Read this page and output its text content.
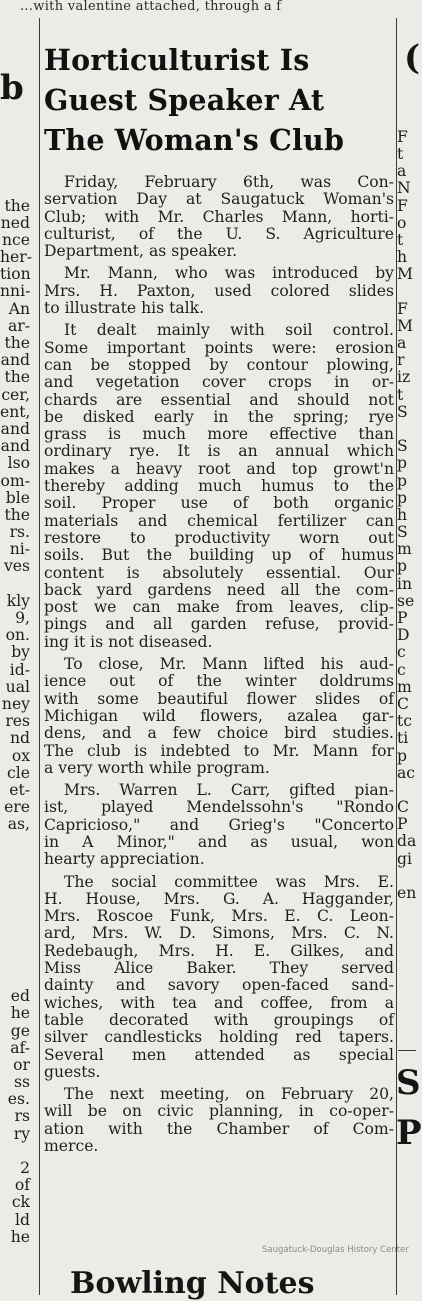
...with valentine attached, through a f
b
the
ned
nce
her-
tion
nni-
An
ar-
the
and
the
cer,
ent,
and
and
lso
om-
ble
the
rs.
ni-
ves
kly
9,
on.
by
id-
ual
ney
res
nd
ox
cle
et-
ere
as,
ed
he
ge
af-
or
ss
es.
rs
ry
2
of
ck
ld
he
(
S
P
F
t
a
N
F
o
t
h
M
F
M
a
r
iz
t
S
S
p
p
p
h
S
m
p
in
se
P
D
c
c
m
C
tc
ti
p
ac
C
P
da
gi
en
Horticulturist Is
Guest Speaker At
The Woman's Club

Friday, February 6th, was Con-
servation Day at Saugatuck Woman's
Club; with Mr. Charles Mann, horti-
culturist, of the U. S. Agriculture
Department, as speaker.

Mr. Mann, who was introduced by
Mrs. H. Paxton, used colored slides
to illustrate his talk.

It dealt mainly with soil control.
Some important points were: erosion
can be stopped by contour plowing,
and vegetation cover crops in or-
chards are essential and should not
be disked early in the spring; rye
grass is much more effective than
ordinary rye. It is an annual which
makes a heavy root and top growt'n
thereby adding much humus to the
soil. Proper use of both organic
materials and chemical fertilizer can
restore to productivity worn out
soils. But the building up of humus
content is absolutely essential. Our
back yard gardens need all the com-
post we can make from leaves, clip-
pings and all garden refuse, provid-
ing it is not diseased.

To close, Mr. Mann lifted his aud-
ience out of the winter doldrums
with some beautiful flower slides of
Michigan wild flowers, azalea gar-
dens, and a few choice bird studies.
The club is indebted to Mr. Mann for
a very worth while program.

Mrs. Warren L. Carr, gifted pian-
ist, played Mendelssohn's "Rondo
Capricioso," and Grieg's "Concerto
in A Minor," and as usual, won
hearty appreciation.

The social committee was Mrs. E.
H. House, Mrs. G. A. Haggander,
Mrs. Roscoe Funk, Mrs. E. C. Leon-
ard, Mrs. W. D. Simons, Mrs. C. N.
Redebaugh, Mrs. H. E. Gilkes, and
Miss Alice Baker. They served
dainty and savory open-faced sand-
wiches, with tea and coffee, from a
table decorated with groupings of
silver candlesticks holding red tapers.
Several men attended as special
guests.

The next meeting, on February 20,
will be on civic planning, in co-oper-
ation with the Chamber of Com-
merce.

Bowling Notes
Saugatuck-Douglas History Center
